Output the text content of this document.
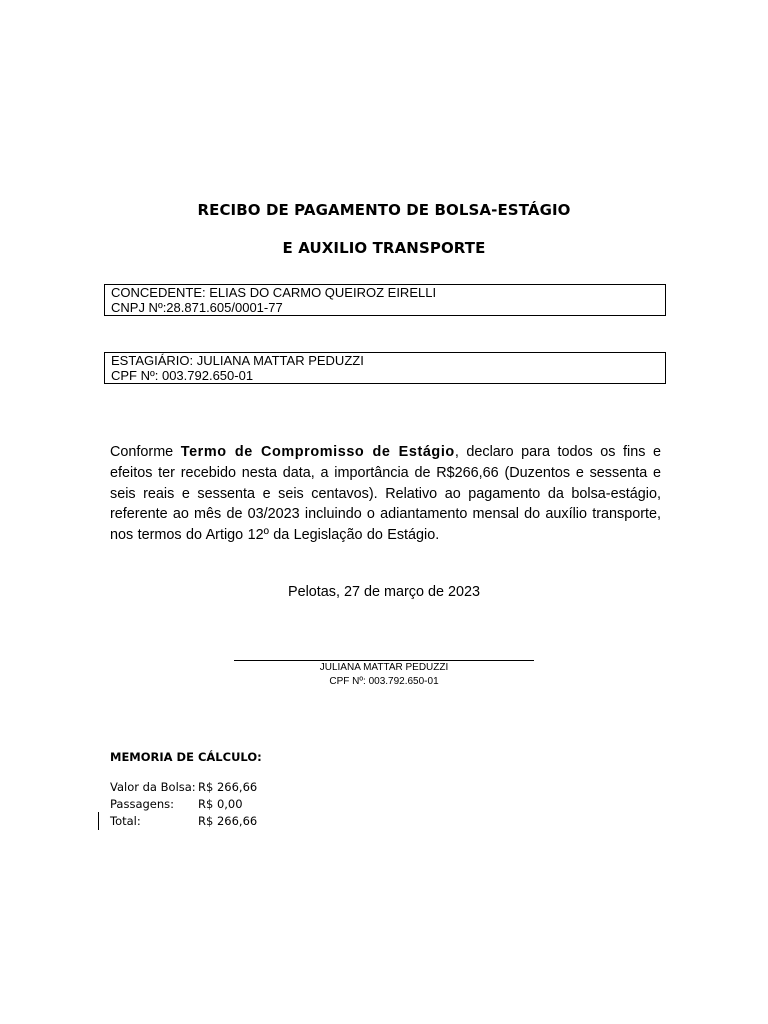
RECIBO DE PAGAMENTO DE BOLSA-ESTÁGIO
E AUXILIO TRANSPORTE
CONCEDENTE: ELIAS DO CARMO QUEIROZ EIRELLI
CNPJ Nº:28.871.605/0001-77
ESTAGIÁRIO: JULIANA MATTAR PEDUZZI
CPF Nº: 003.792.650-01
Conforme Termo de Compromisso de Estágio, declaro para todos os fins e efeitos ter recebido nesta data, a importância de R$266,66 (Duzentos e sessenta e seis reais e sessenta e seis centavos). Relativo ao pagamento da bolsa-estágio, referente ao mês de 03/2023 incluindo o adiantamento mensal do auxílio transporte, nos termos do Artigo 12º da Legislação do Estágio.
Pelotas, 27 de março de 2023
JULIANA MATTAR PEDUZZI
CPF Nº: 003.792.650-01
MEMORIA DE CÁLCULO:
Valor da Bolsa: R$ 266,66
Passagens: R$ 0,00
Total:	R$ 266,66
